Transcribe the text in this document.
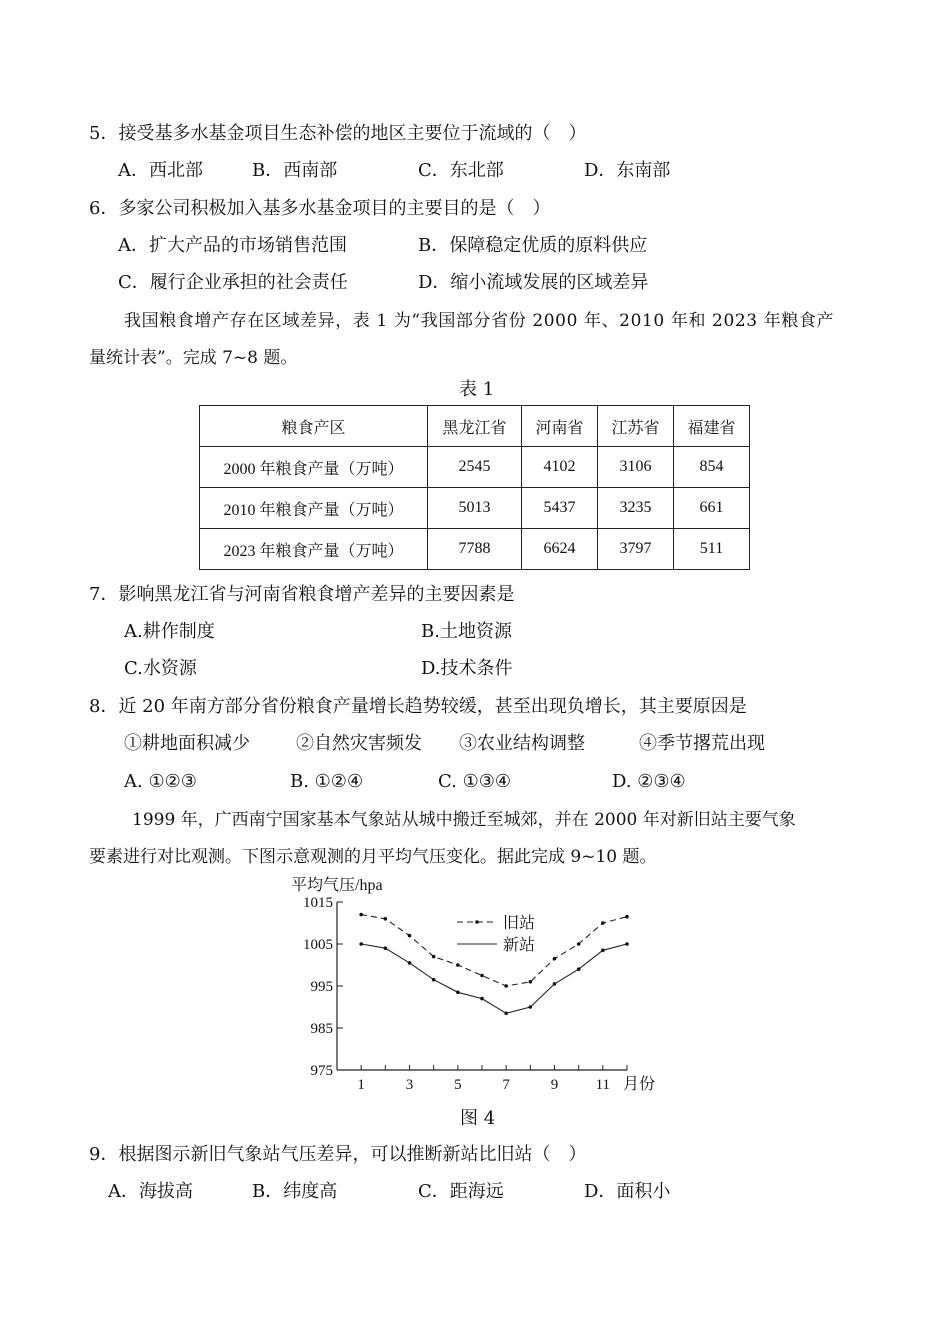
5．接受基多水基金项目生态补偿的地区主要位于流域的（　）
A．西北部	B．西南部	C．东北部	D．东南部
6．多家公司积极加入基多水基金项目的主要目的是（　）
A．扩大产品的市场销售范围	B．保障稳定优质的原料供应
C．履行企业承担的社会责任	D．缩小流域发展的区域差异
我国粮食增产存在区域差异，表 1 为“我国部分省份 2000 年、2010 年和 2023 年粮食产
量统计表”。完成 7~8 题。
表 1
粮食产区	黑龙江省	河南省	江苏省	福建省
2000 年粮食产量（万吨）	2545	4102	3106	854
2010 年粮食产量（万吨）	5013	5437	3235	661
2023 年粮食产量（万吨）	7788	6624	3797	511
7．影响黑龙江省与河南省粮食增产差异的主要因素是
A.耕作制度	B.土地资源
C.水资源	D.技术条件
8．近 20 年南方部分省份粮食产量增长趋势较缓，甚至出现负增长，其主要原因是
①耕地面积减少	②自然灾害频发 ③农业结构调整	④季节撂荒出现
A. ①②③	B. ①②④	C. ①③④	D. ②③④
1999 年，广西南宁国家基本气象站从城中搬迁至城郊，并在 2000 年对新旧站主要气象
要素进行对比观测。下图示意观测的月平均气压变化。据此完成 9~10 题。
平均气压/hpa
月份
旧站
新站
975
985
995
1005
1015
1	3	5	7	9 11
图 4
9．根据图示新旧气象站气压差异，可以推断新站比旧站（　）
A．海拔高	B．纬度高	C．距海远	D．面积小
